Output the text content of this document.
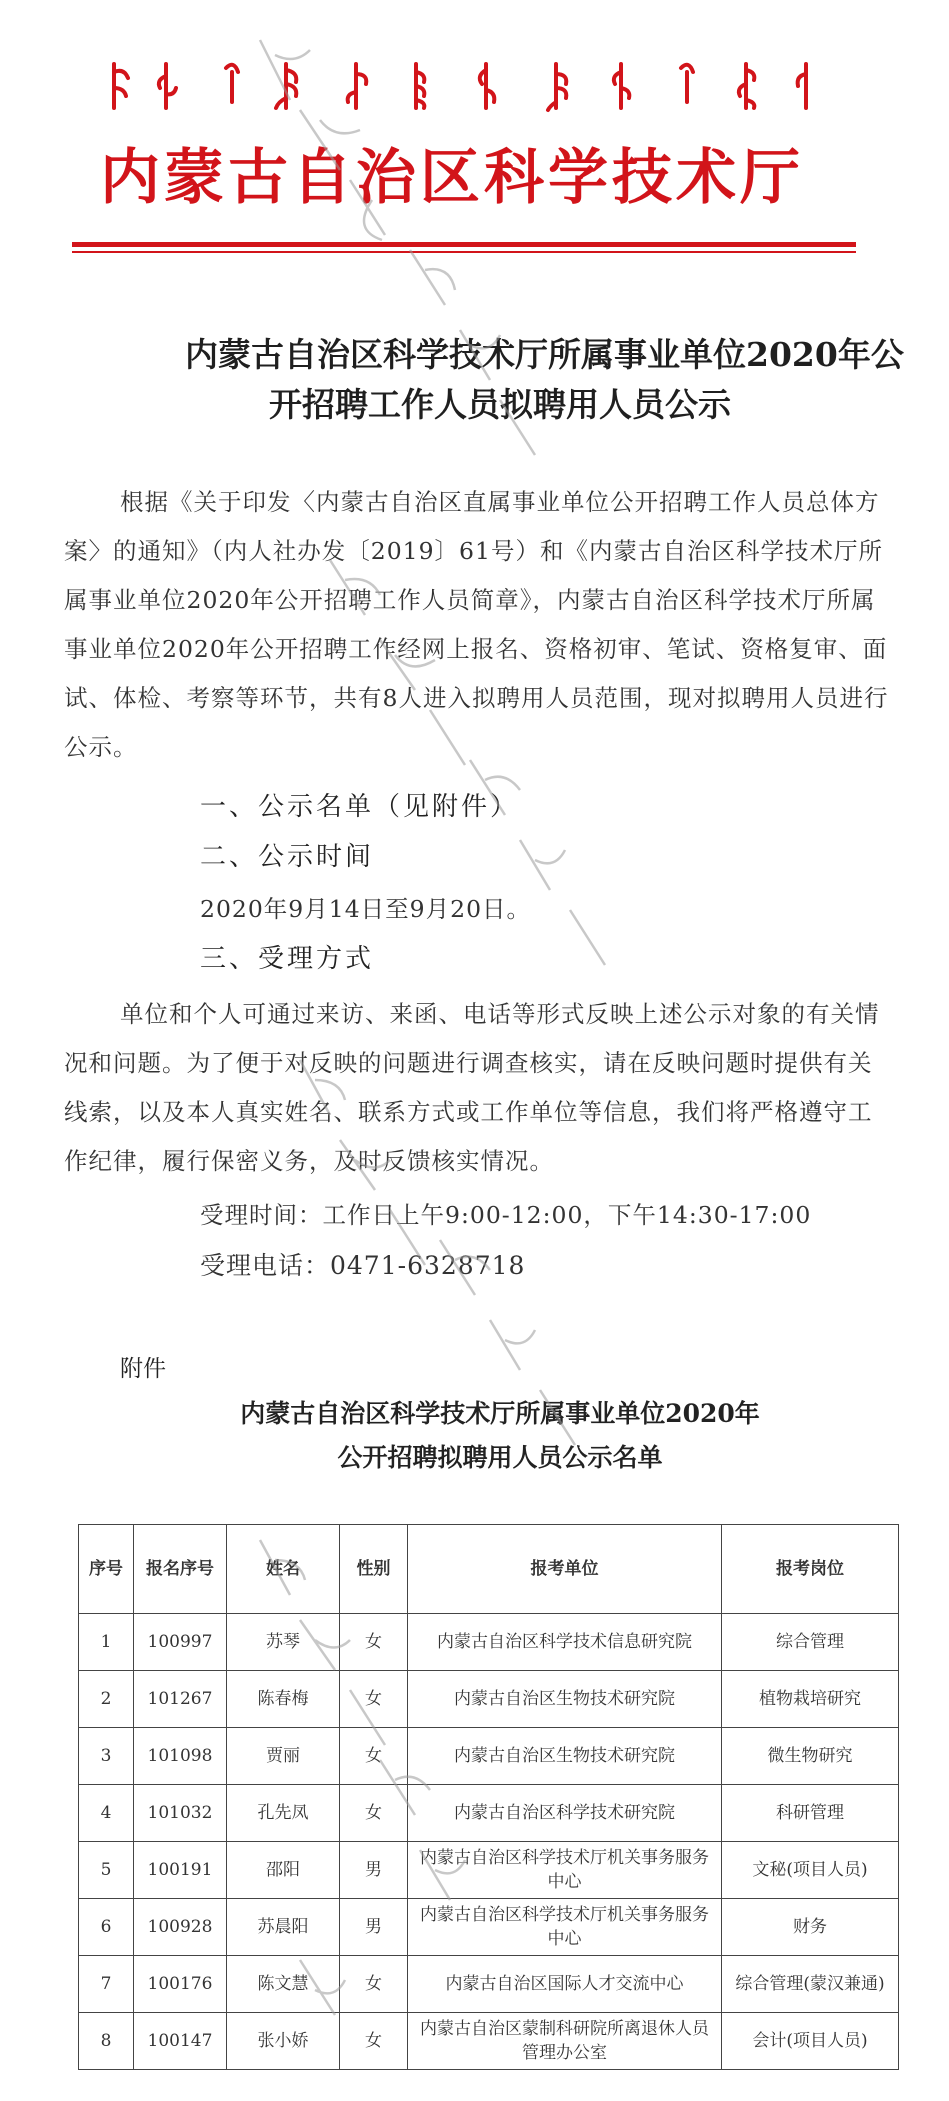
内蒙古自治区科学技术厅
内蒙古自治区科学技术厅所属事业单位2020年公
开招聘工作人员拟聘用人员公示
根据《关于印发〈内蒙古自治区直属事业单位公开招聘工作人员总体方案〉的通知》（内人社办发〔2019〕61号）和《内蒙古自治区科学技术厅所属事业单位2020年公开招聘工作人员简章》，内蒙古自治区科学技术厅所属事业单位2020年公开招聘工作经网上报名、资格初审、笔试、资格复审、面试、体检、考察等环节，共有8人进入拟聘用人员范围，现对拟聘用人员进行公示。
一、公示名单（见附件）
二、公示时间
2020年9月14日至9月20日。
三、受理方式
单位和个人可通过来访、来函、电话等形式反映上述公示对象的有关情况和问题。为了便于对反映的问题进行调查核实，请在反映问题时提供有关线索，以及本人真实姓名、联系方式或工作单位等信息，我们将严格遵守工作纪律，履行保密义务，及时反馈核实情况。
受理时间：工作日上午9:00-12:00，下午14:30-17:00
受理电话：0471-6328718
附件
内蒙古自治区科学技术厅所属事业单位2020年
公开招聘拟聘用人员公示名单
序号	报名序号	姓名	性别	报考单位	报考岗位
1	100997	苏琴	女	内蒙古自治区科学技术信息研究院	综合管理
2	101267	陈春梅	女	内蒙古自治区生物技术研究院	植物栽培研究
3	101098	贾丽	女	内蒙古自治区生物技术研究院	微生物研究
4	101032	孔先凤	女	内蒙古自治区科学技术研究院	科研管理
5	100191	邵阳	男	内蒙古自治区科学技术厅机关事务服务中心	文秘(项目人员)
6	100928	苏晨阳	男	内蒙古自治区科学技术厅机关事务服务中心	财务
7	100176	陈文慧	女	内蒙古自治区国际人才交流中心	综合管理(蒙汉兼通)
8	100147	张小娇	女	内蒙古自治区蒙制科研院所离退休人员管理办公室	会计(项目人员)
